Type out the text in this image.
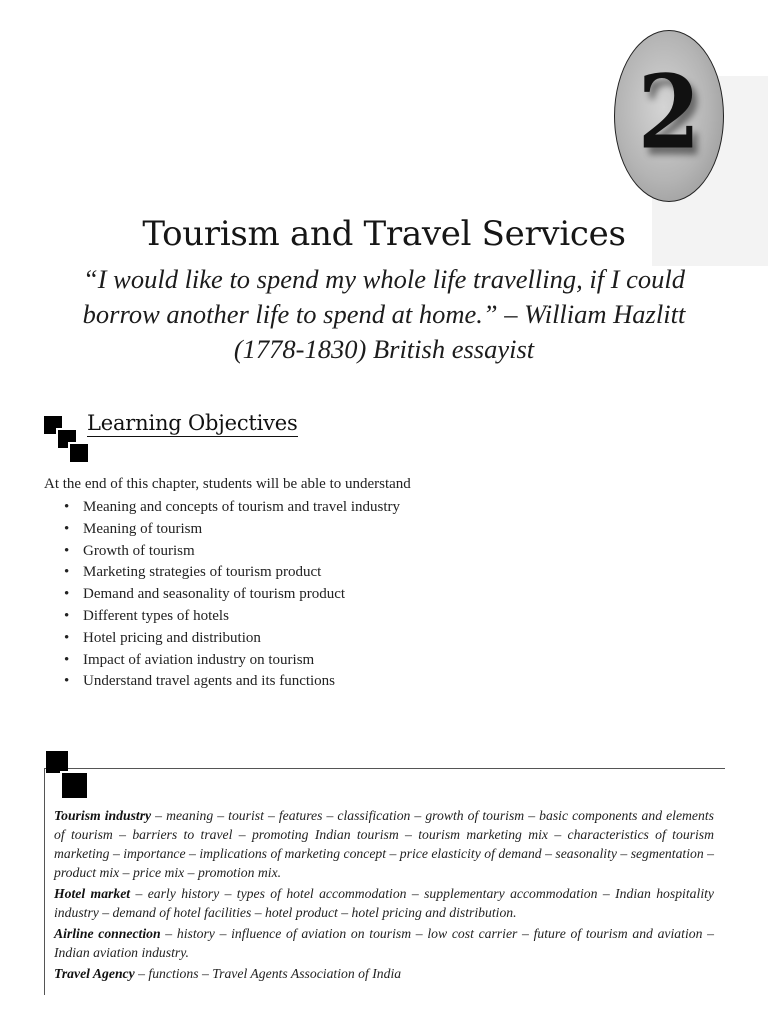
2
Tourism and Travel Services
“I would like to spend my whole life travelling, if I could borrow another life to spend at home.” – William Hazlitt (1778-1830) British essayist
Learning Objectives
At the end of this chapter, students will be able to understand
• Meaning and concepts of tourism and travel industry
• Meaning of tourism
• Growth of tourism
• Marketing strategies of tourism product
• Demand and seasonality of tourism product
• Different types of hotels
• Hotel pricing and distribution
• Impact of aviation industry on tourism
• Understand travel agents and its functions

Tourism industry – meaning – tourist – features – classification – growth of tourism – basic components and elements of tourism – barriers to travel – promoting Indian tourism – tourism marketing mix – characteristics of tourism marketing – importance – implications of marketing concept – price elasticity of demand – seasonality – segmentation – product mix – price mix – promotion mix.

Hotel market – early history – types of hotel accommodation – supplementary accommodation – Indian hospitality industry – demand of hotel facilities – hotel product – hotel pricing and distribution.

Airline connection – history – influence of aviation on tourism – low cost carrier – future of tourism and aviation – Indian aviation industry.

Travel Agency – functions – Travel Agents Association of India
